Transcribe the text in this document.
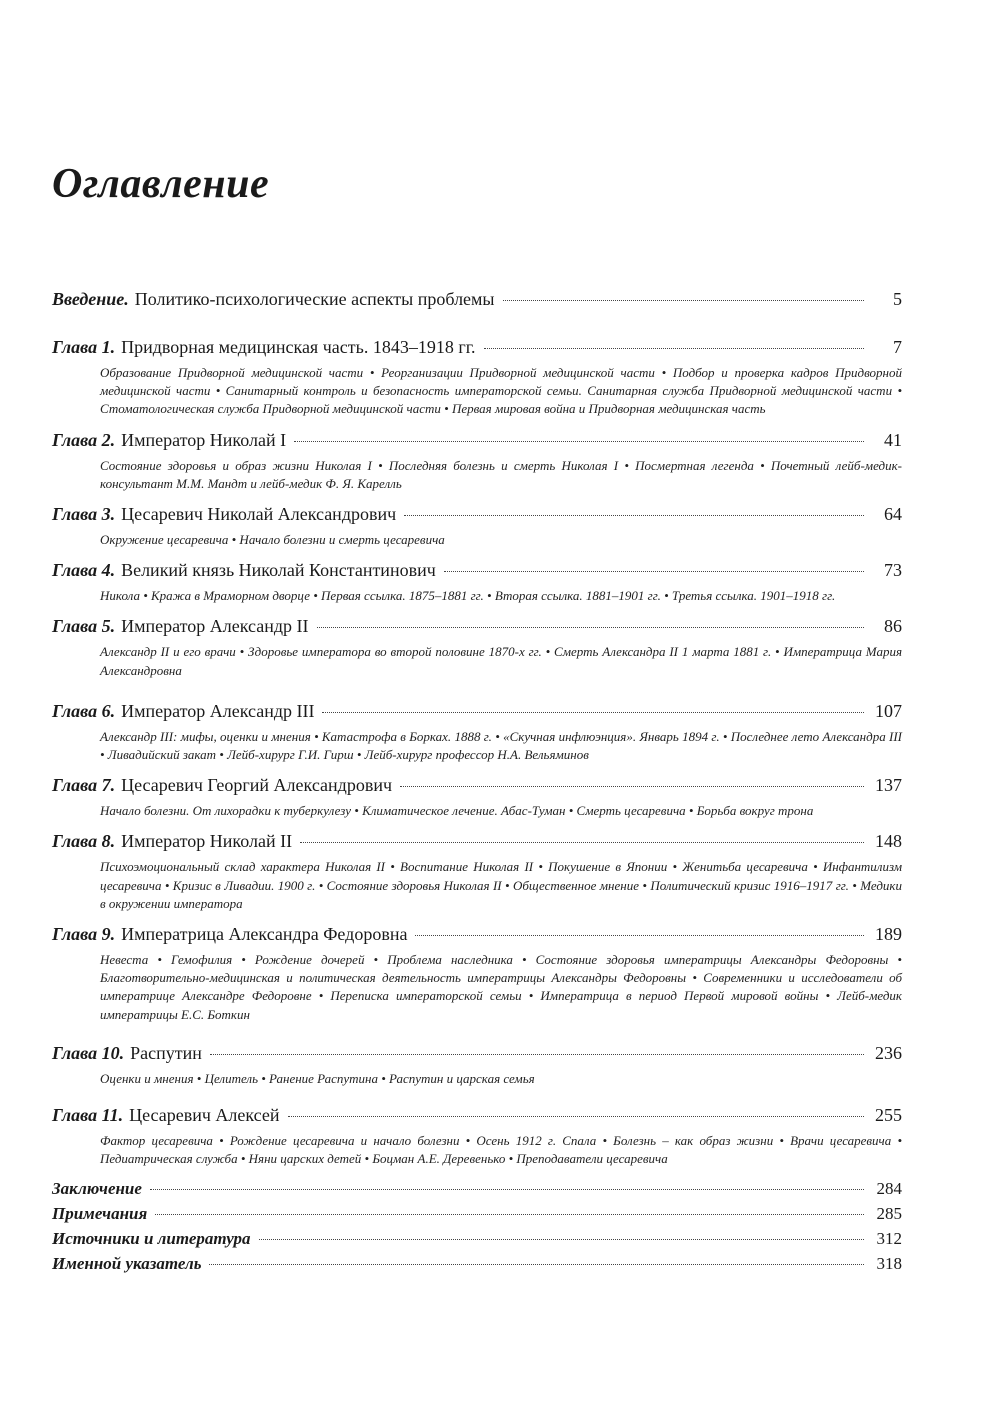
Оглавление
Введение. Политико-психологические аспекты проблемы	5
Глава 1. Придворная медицинская часть. 1843–1918 гг.	7
Образование Придворной медицинской части • Реорганизации Придворной медицинской части • Подбор и проверка кадров Придворной медицинской части • Санитарный контроль и безопасность императорской семьи. Санитарная служба Придворной медицинской части • Стоматологическая служба Придворной медицинской части • Первая мировая война и Придворная медицинская часть
Глава 2. Император Николай I	41
Состояние здоровья и образ жизни Николая I • Последняя болезнь и смерть Николая I • Посмертная легенда • Почетный лейб-медик-консультант М.М. Мандт и лейб-медик Ф. Я. Карелль
Глава 3. Цесаревич Николай Александрович	64
Окружение цесаревича • Начало болезни и смерть цесаревича
Глава 4. Великий князь Николай Константинович	73
Никола • Кража в Мраморном дворце • Первая ссылка. 1875–1881 гг. • Вторая ссылка. 1881–1901 гг. • Третья ссылка. 1901–1918 гг.
Глава 5. Император Александр II	86
Александр II и его врачи • Здоровье императора во второй половине 1870-х гг. • Смерть Александра II 1 марта 1881 г. • Императрица Мария Александровна
Глава 6. Император Александр III	107
Александр III: мифы, оценки и мнения • Катастрофа в Борках. 1888 г. • «Скучная инфлюэнция». Январь 1894 г. • Последнее лето Александра III • Ливадийский закат • Лейб-хирург Г.И. Гирш • Лейб-хирург профессор Н.А. Вельяминов
Глава 7. Цесаревич Георгий Александрович	137
Начало болезни. От лихорадки к туберкулезу • Климатическое лечение. Абас-Туман • Смерть цесаревича • Борьба вокруг трона
Глава 8. Император Николай II	148
Психоэмоциональный склад характера Николая II • Воспитание Николая II • Покушение в Японии • Женитьба цесаревича • Инфантилизм цесаревича • Кризис в Ливадии. 1900 г. • Состояние здоровья Николая II • Общественное мнение • Политический кризис 1916–1917 гг. • Медики в окружении императора
Глава 9. Императрица Александра Федоровна	189
Невеста • Гемофилия • Рождение дочерей • Проблема наследника • Состояние здоровья императрицы Александры Федоровны • Благотворительно-медицинская и политическая деятельность императрицы Александры Федоровны • Современники и исследователи об императрице Александре Федоровне • Переписка императорской семьи • Императрица в период Первой мировой войны • Лейб-медик императрицы Е.С. Боткин
Глава 10. Распутин	236
Оценки и мнения • Целитель • Ранение Распутина • Распутин и царская семья
Глава 11. Цесаревич Алексей	255
Фактор цесаревича • Рождение цесаревича и начало болезни • Осень 1912 г. Спала • Болезнь – как образ жизни • Врачи цесаревича • Педиатрическая служба • Няни царских детей • Боцман А.Е. Деревенько • Преподаватели цесаревича
Заключение	284
Примечания	285
Источники и литература	312
Именной указатель	318
